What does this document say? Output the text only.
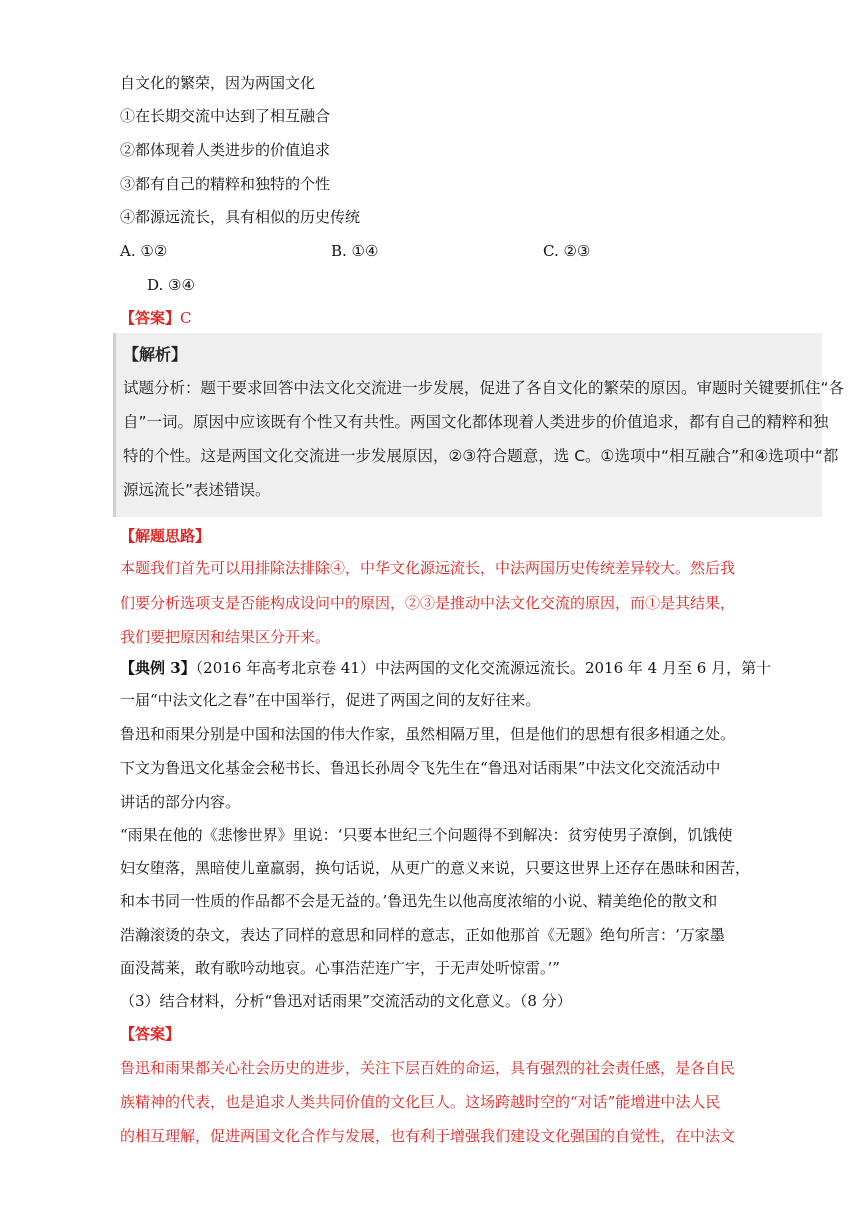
自文化的繁荣，因为两国文化
①在长期交流中达到了相互融合
②都体现着人类进步的价值追求
③都有自己的精粹和独特的个性
④都源远流长，具有相似的历史传统
A. ①②	B. ①④	C. ②③
D. ③④
【答案】C
【解析】
试题分析：题干要求回答中法文化交流进一步发展，促进了各自文化的繁荣的原因。审题时关键要抓住“各
自”一词。原因中应该既有个性又有共性。两国文化都体现着人类进步的价值追求，都有自己的精粹和独
特的个性。这是两国文化交流进一步发展原因，②③符合题意，选 C。①选项中“相互融合”和④选项中“都
源远流长”表述错误。
【解题思路】
本题我们首先可以用排除法排除④，中华文化源远流长，中法两国历史传统差异较大。然后我
们要分析选项支是否能构成设问中的原因，②③是推动中法文化交流的原因，而①是其结果，
我们要把原因和结果区分开来。
【典例 3】（2016 年高考北京卷 41）中法两国的文化交流源远流长。2016 年 4 月至 6 月，第十
一届“中法文化之春”在中国举行，促进了两国之间的友好往来。
鲁迅和雨果分别是中国和法国的伟大作家，虽然相隔万里，但是他们的思想有很多相通之处。
下文为鲁迅文化基金会秘书长、鲁迅长孙周令飞先生在“鲁迅对话雨果”中法文化交流活动中
讲话的部分内容。
“雨果在他的《悲惨世界》里说：‘只要本世纪三个问题得不到解决：贫穷使男子潦倒，饥饿使
妇女堕落，黑暗使儿童羸弱，换句话说，从更广的意义来说，只要这世界上还存在愚昧和困苦，
和本书同一性质的作品都不会是无益的。’鲁迅先生以他高度浓缩的小说、精美绝伦的散文和
浩瀚滚烫的杂文，表达了同样的意思和同样的意志，正如他那首《无题》绝句所言：‘万家墨
面没蒿莱，敢有歌吟动地哀。心事浩茫连广宇，于无声处听惊雷。’”
（3）结合材料，分析“鲁迅对话雨果”交流活动的文化意义。（8 分）
【答案】
鲁迅和雨果都关心社会历史的进步，关注下层百姓的命运，具有强烈的社会责任感，是各自民
族精神的代表，也是追求人类共同价值的文化巨人。这场跨越时空的“对话”能增进中法人民
的相互理解，促进两国文化合作与发展，也有利于增强我们建设文化强国的自觉性，在中法文
